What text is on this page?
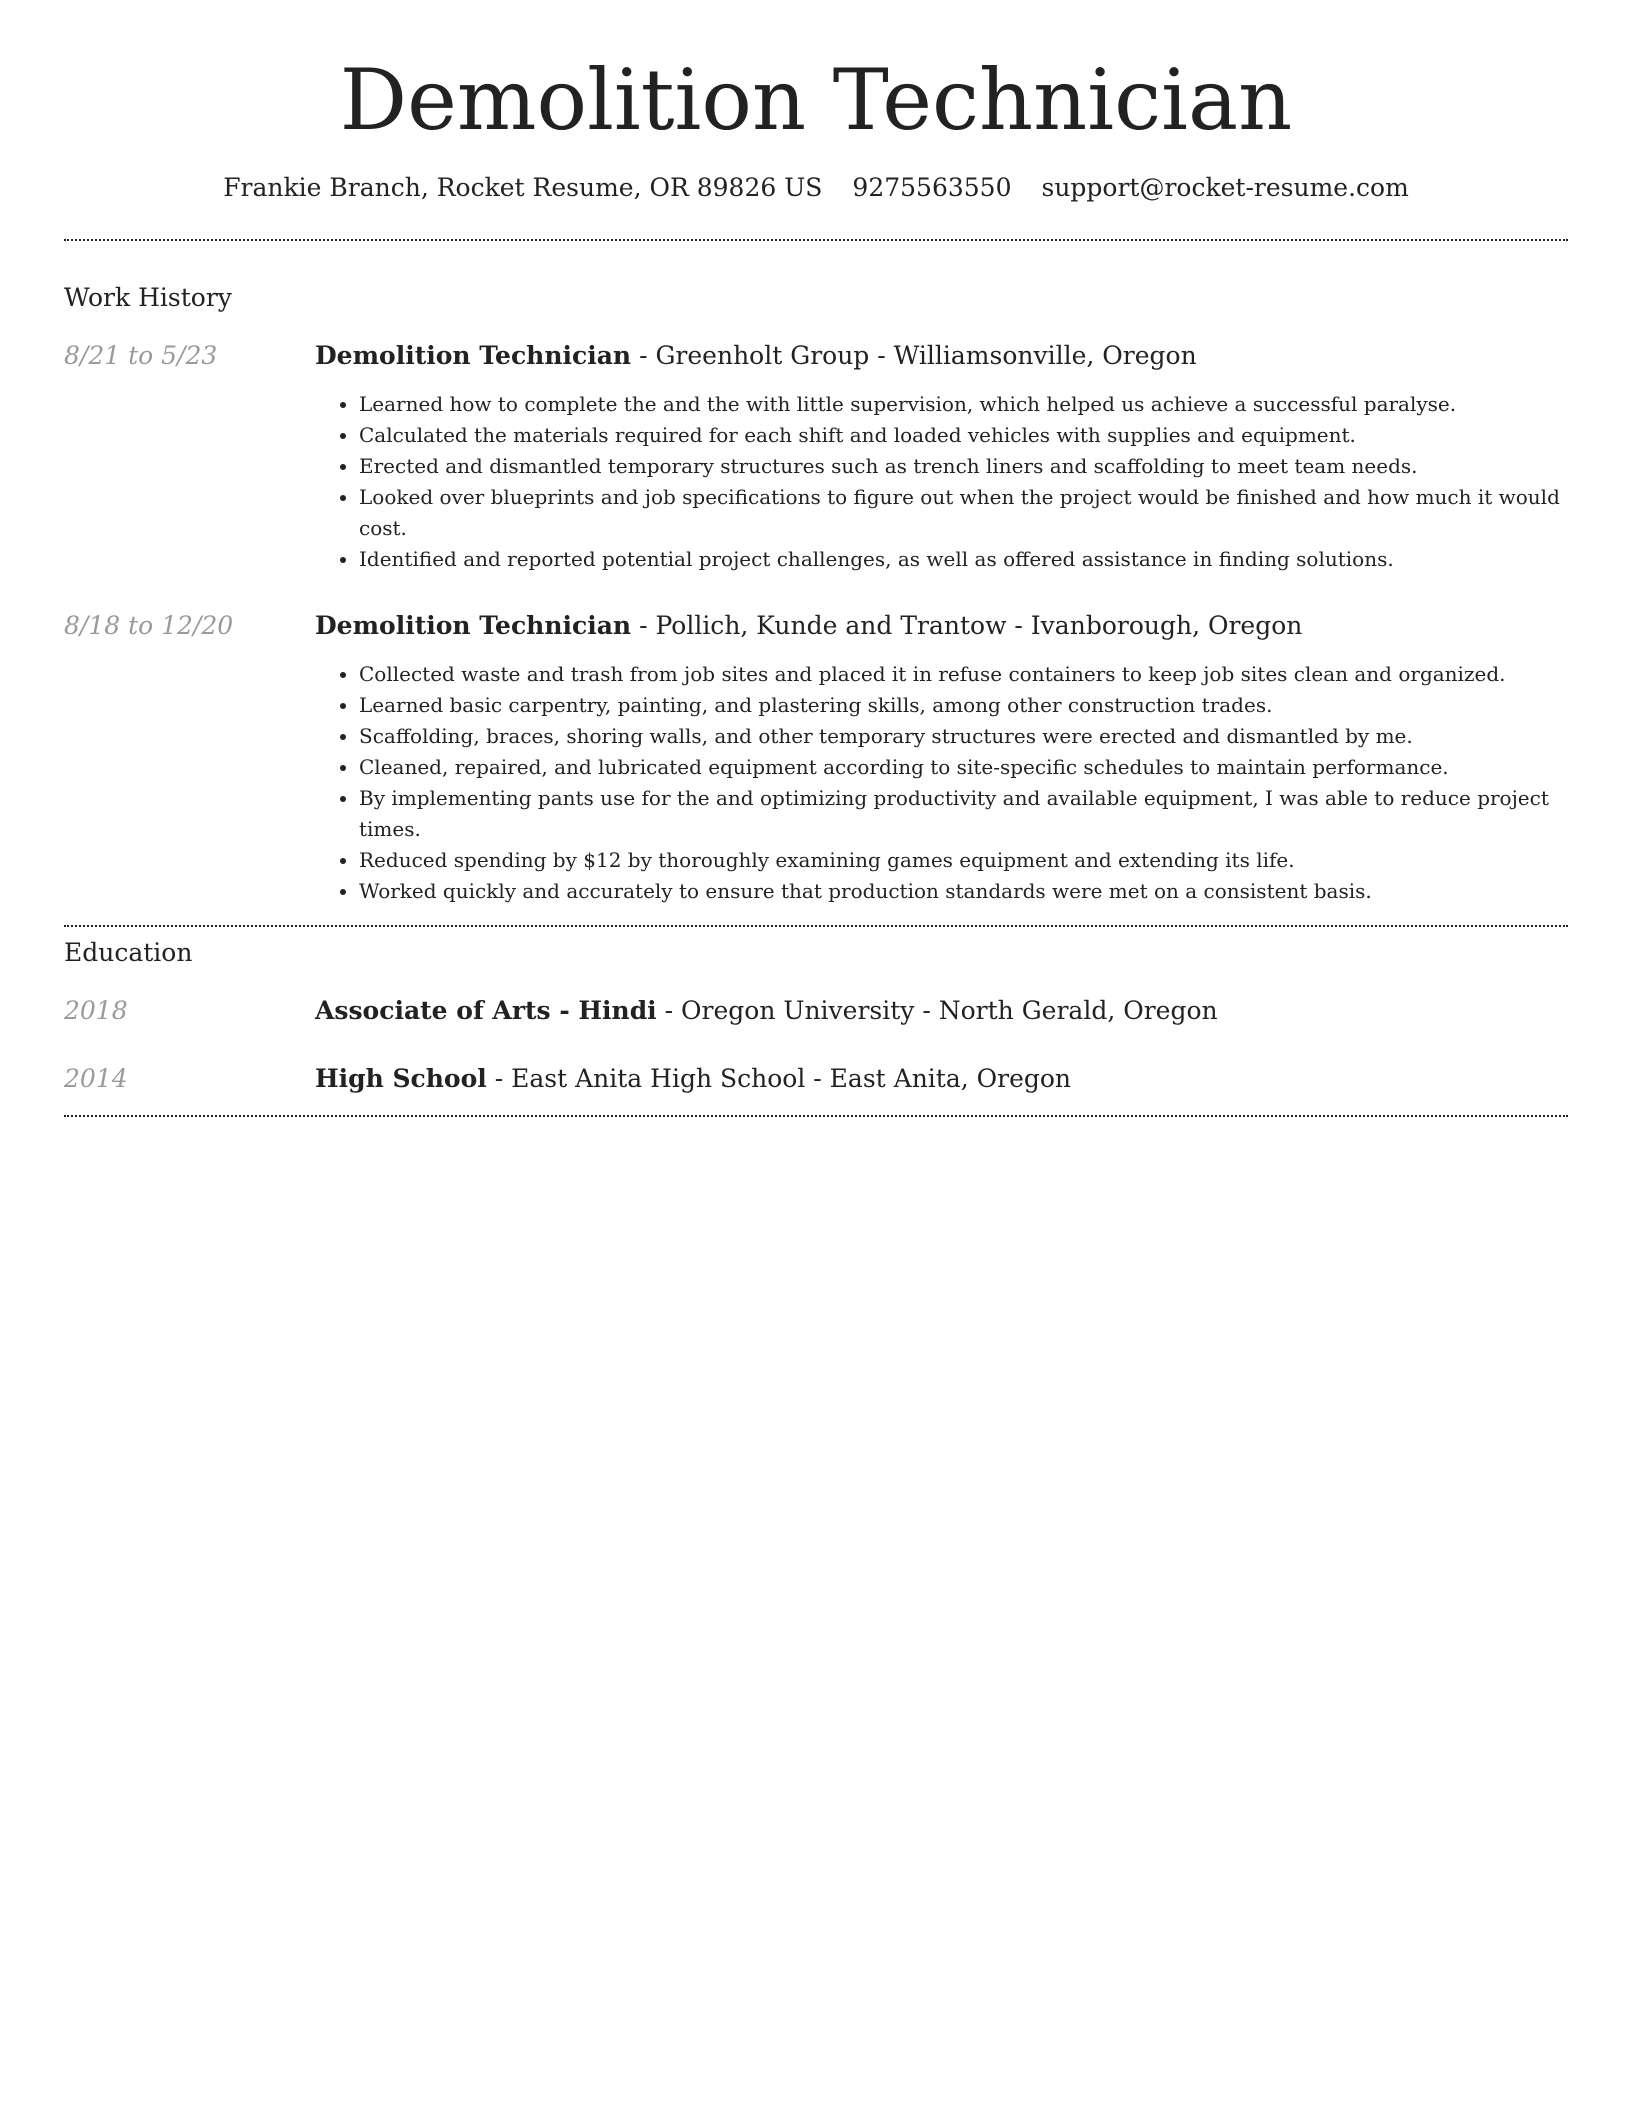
Demolition Technician
Frankie Branch, Rocket Resume, OR 89826 US 9275563550 support@rocket-resume.com
Work History
8/21 to 5/23	Demolition Technician - Greenholt Group - Williamsonville, Oregon
• Learned how to complete the and the with little supervision, which helped us achieve a successful paralyse.
• Calculated the materials required for each shift and loaded vehicles with supplies and equipment.
• Erected and dismantled temporary structures such as trench liners and scaffolding to meet team needs.
• Looked over blueprints and job specifications to figure out when the project would be finished and how much it would cost.
• Identified and reported potential project challenges, as well as offered assistance in finding solutions.
8/18 to 12/20	Demolition Technician - Pollich, Kunde and Trantow - Ivanborough, Oregon
• Collected waste and trash from job sites and placed it in refuse containers to keep job sites clean and organized.
• Learned basic carpentry, painting, and plastering skills, among other construction trades.
• Scaffolding, braces, shoring walls, and other temporary structures were erected and dismantled by me.
• Cleaned, repaired, and lubricated equipment according to site-specific schedules to maintain performance.
• By implementing pants use for the and optimizing productivity and available equipment, I was able to reduce project times.
• Reduced spending by $12 by thoroughly examining games equipment and extending its life.
• Worked quickly and accurately to ensure that production standards were met on a consistent basis.
Education
2018	Associate of Arts - Hindi - Oregon University - North Gerald, Oregon
2014	High School - East Anita High School - East Anita, Oregon
